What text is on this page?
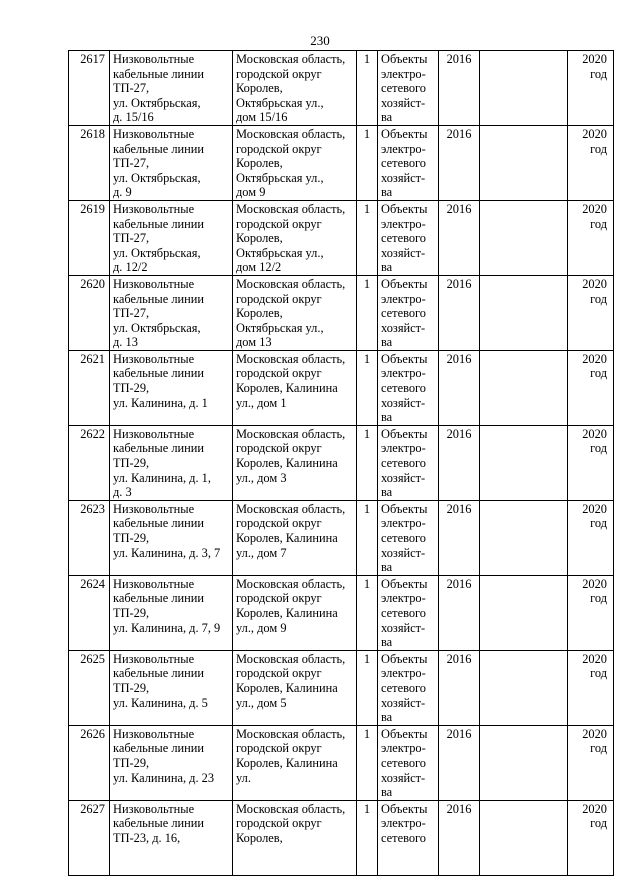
230
2617	Низковольтные
кабельные линии
ТП-27,
ул. Октябрьская,
д. 15/16	Московская область,
городской округ
Королев,
Октябрьская ул.,
дом 15/16	1	Объекты
электро-
сетевого
хозяйст-
ва	2016		2020
год

2618	Низковольтные
кабельные линии
ТП-27,
ул. Октябрьская,
д. 9	Московская область,
городской округ
Королев,
Октябрьская ул.,
дом 9	1	Объекты
электро-
сетевого
хозяйст-
ва	2016		2020
год

2619	Низковольтные
кабельные линии
ТП-27,
ул. Октябрьская,
д. 12/2	Московская область,
городской округ
Королев,
Октябрьская ул.,
дом 12/2	1	Объекты
электро-
сетевого
хозяйст-
ва	2016		2020
год

2620	Низковольтные
кабельные линии
ТП-27,
ул. Октябрьская,
д. 13	Московская область,
городской округ
Королев,
Октябрьская ул.,
дом 13	1	Объекты
электро-
сетевого
хозяйст-
ва	2016		2020
год

2621	Низковольтные
кабельные линии
ТП-29,
ул. Калинина, д. 1	Московская область,
городской округ
Королев, Калинина
ул., дом 1	1	Объекты
электро-
сетевого
хозяйст-
ва	2016		2020
год

2622	Низковольтные
кабельные линии
ТП-29,
ул. Калинина, д. 1,
д. 3	Московская область,
городской округ
Королев, Калинина
ул., дом 3	1	Объекты
электро-
сетевого
хозяйст-
ва	2016		2020
год

2623	Низковольтные
кабельные линии
ТП-29,
ул. Калинина, д. 3, 7	Московская область,
городской округ
Королев, Калинина
ул., дом 7	1	Объекты
электро-
сетевого
хозяйст-
ва	2016		2020
год

2624	Низковольтные
кабельные линии
ТП-29,
ул. Калинина, д. 7, 9	Московская область,
городской округ
Королев, Калинина
ул., дом 9	1	Объекты
электро-
сетевого
хозяйст-
ва	2016		2020
год

2625	Низковольтные
кабельные линии
ТП-29,
ул. Калинина, д. 5	Московская область,
городской округ
Королев, Калинина
ул., дом 5	1	Объекты
электро-
сетевого
хозяйст-
ва	2016		2020
год

2626	Низковольтные
кабельные линии
ТП-29,
ул. Калинина, д. 23	Московская область,
городской округ
Королев, Калинина
ул.	1	Объекты
электро-
сетевого
хозяйст-
ва	2016		2020
год

2627	Низковольтные
кабельные линии
ТП-23, д. 16,	Московская область,
городской округ
Королев,	1	Объекты
электро-
сетевого	2016		2020
год
